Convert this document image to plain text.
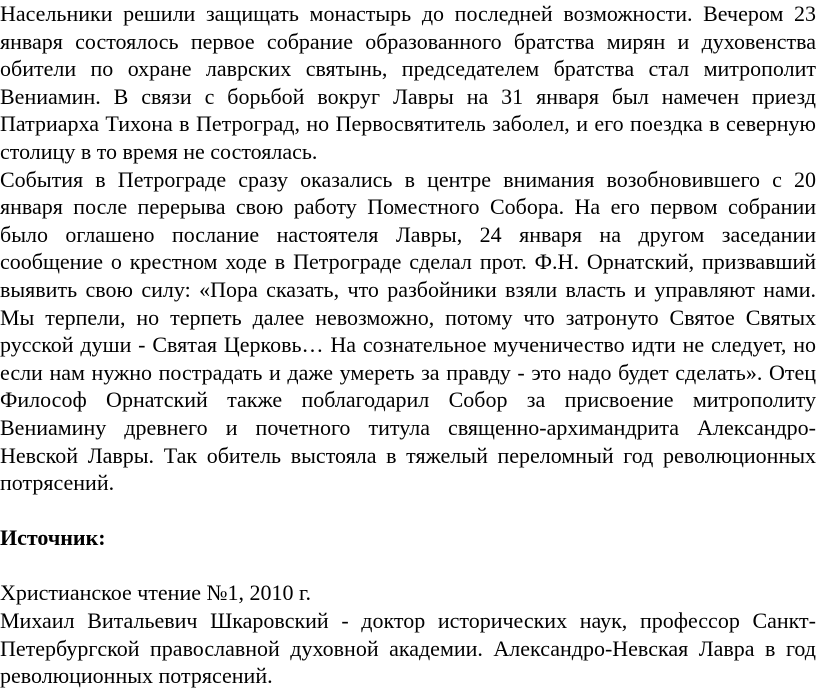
Насельники решили защищать монастырь до последней возможности. Вечером 23 января состоялось первое собрание образованного братства мирян и духовенства обители по охране лаврских святынь, председателем братства стал митрополит Вениамин. В связи с борьбой вокруг Лавры на 31 января был намечен приезд Патриарха Тихона в Петроград, но Первосвятитель заболел, и его поездка в северную столицу в то время не состоялась.

События в Петрограде сразу оказались в центре внимания возобновившего с 20 января после перерыва свою работу Поместного Собора. На его первом собрании было оглашено послание настоятеля Лавры, 24 января на другом заседании сообщение о крестном ходе в Петрограде сделал прот. Ф.Н. Орнатский, призвавший выявить свою силу: «Пора сказать, что разбойники взяли власть и управляют нами. Мы терпели, но терпеть далее невозможно, потому что затронуто Святое Святых русской души - Святая Церковь… На сознательное мученичество идти не следует, но если нам нужно пострадать и даже умереть за правду - это надо будет сделать». Отец Философ Орнатский также поблагодарил Собор за присвоение митрополиту Вениамину древнего и почетного титула священно-архимандрита Александро-Невской Лавры. Так обитель выстояла в тяжелый переломный год революционных потрясений.

Источник:

Христианское чтение №1, 2010 г.

Михаил Витальевич Шкаровский - доктор исторических наук, профессор Санкт-Петербургской православной духовной академии. Александро-Невская Лавра в год революционных потрясений.
